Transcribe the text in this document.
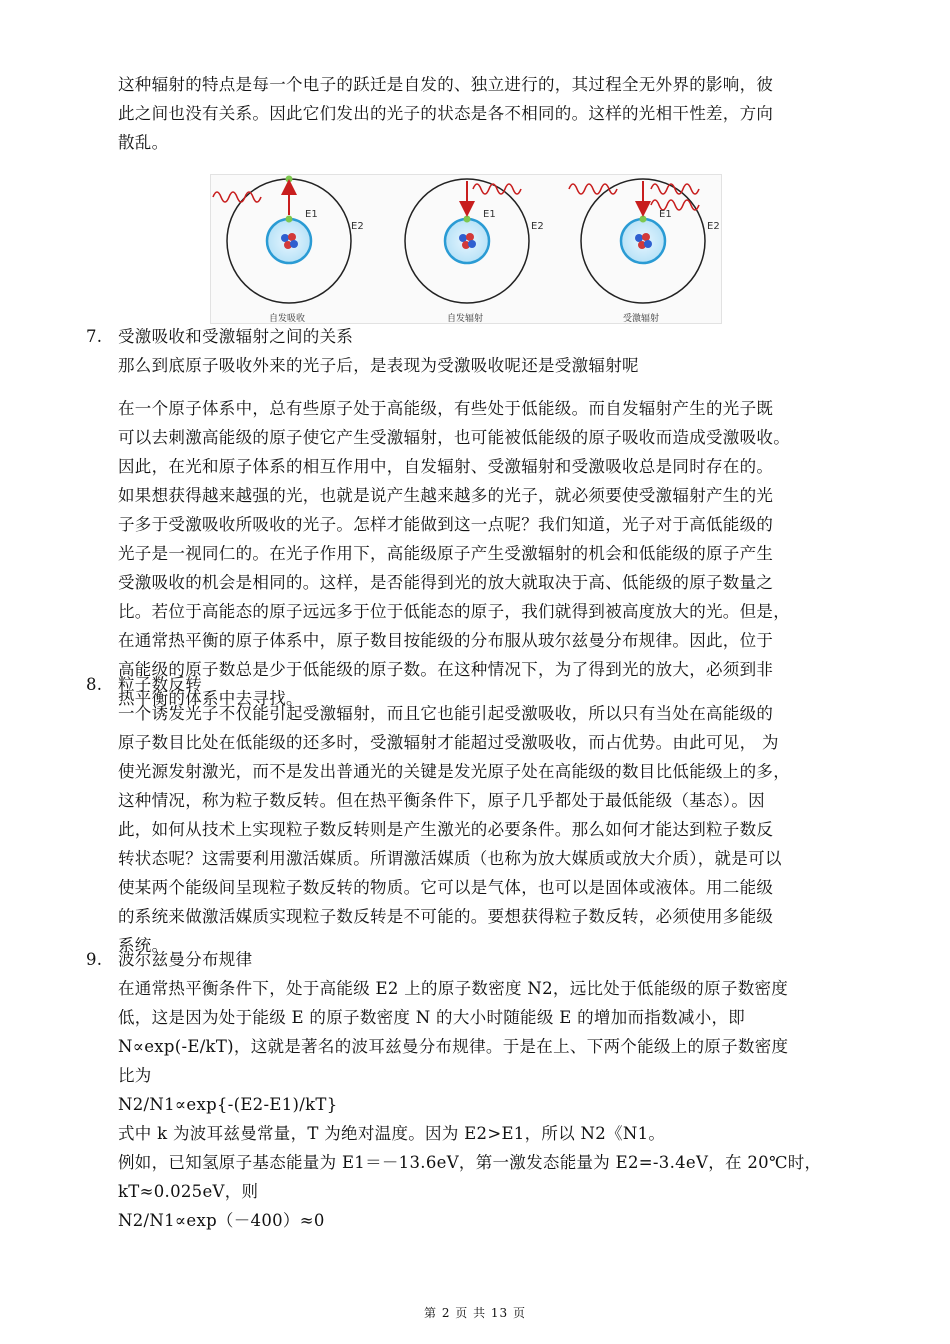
这种辐射的特点是每一个电子的跃迁是自发的、独立进行的，其过程全无外界的影响，彼
此之间也没有关系。因此它们发出的光子的状态是各不相同的。这样的光相干性差，方向
散乱。
E1
E2
自发吸收
E1
E2
自发辐射
E1
E2
受激辐射
7. 受激吸收和受激辐射之间的关系
那么到底原子吸收外来的光子后，是表现为受激吸收呢还是受激辐射呢
在一个原子体系中，总有些原子处于高能级，有些处于低能级。而自发辐射产生的光子既
可以去刺激高能级的原子使它产生受激辐射，也可能被低能级的原子吸收而造成受激吸收。
因此，在光和原子体系的相互作用中，自发辐射、受激辐射和受激吸收总是同时存在的。
如果想获得越来越强的光，也就是说产生越来越多的光子，就必须要使受激辐射产生的光
子多于受激吸收所吸收的光子。怎样才能做到这一点呢？我们知道，光子对于高低能级的
光子是一视同仁的。在光子作用下，高能级原子产生受激辐射的机会和低能级的原子产生
受激吸收的机会是相同的。这样，是否能得到光的放大就取决于高、低能级的原子数量之
比。若位于高能态的原子远远多于位于低能态的原子，我们就得到被高度放大的光。但是，
在通常热平衡的原子体系中，原子数目按能级的分布服从玻尔兹曼分布规律。因此，位于
高能级的原子数总是少于低能级的原子数。在这种情况下，为了得到光的放大，必须到非
热平衡的体系中去寻找。
8. 粒子数反转
一个诱发光子不仅能引起受激辐射，而且它也能引起受激吸收，所以只有当处在高能级的
原子数目比处在低能级的还多时，受激辐射才能超过受激吸收，而占优势。由此可见， 为
使光源发射激光，而不是发出普通光的关键是发光原子处在高能级的数目比低能级上的多，
这种情况，称为粒子数反转。但在热平衡条件下，原子几乎都处于最低能级（基态）。因
此，如何从技术上实现粒子数反转则是产生激光的必要条件。那么如何才能达到粒子数反
转状态呢？这需要利用激活媒质。所谓激活媒质（也称为放大媒质或放大介质），就是可以
使某两个能级间呈现粒子数反转的物质。它可以是气体，也可以是固体或液体。用二能级
的系统来做激活媒质实现粒子数反转是不可能的。要想获得粒子数反转，必须使用多能级
系统。
9. 波尔兹曼分布规律
在通常热平衡条件下，处于高能级 E2 上的原子数密度 N2，远比处于低能级的原子数密度
低，这是因为处于能级 E 的原子数密度 N 的大小时随能级 E 的增加而指数减小，即
N∝exp(-E/kT)，这就是著名的波耳兹曼分布规律。于是在上、下两个能级上的原子数密度
比为
N2/N1∝exp{-(E2-E1)/kT}
式中 k 为波耳兹曼常量，T 为绝对温度。因为 E2>E1，所以 N2《N1。
例如，已知氢原子基态能量为 E1＝－13.6eV，第一激发态能量为 E2=-3.4eV，在 20℃时，
kT≈0.025eV，则
N2/N1∝exp（－400）≈0
第 2 页 共 13 页
